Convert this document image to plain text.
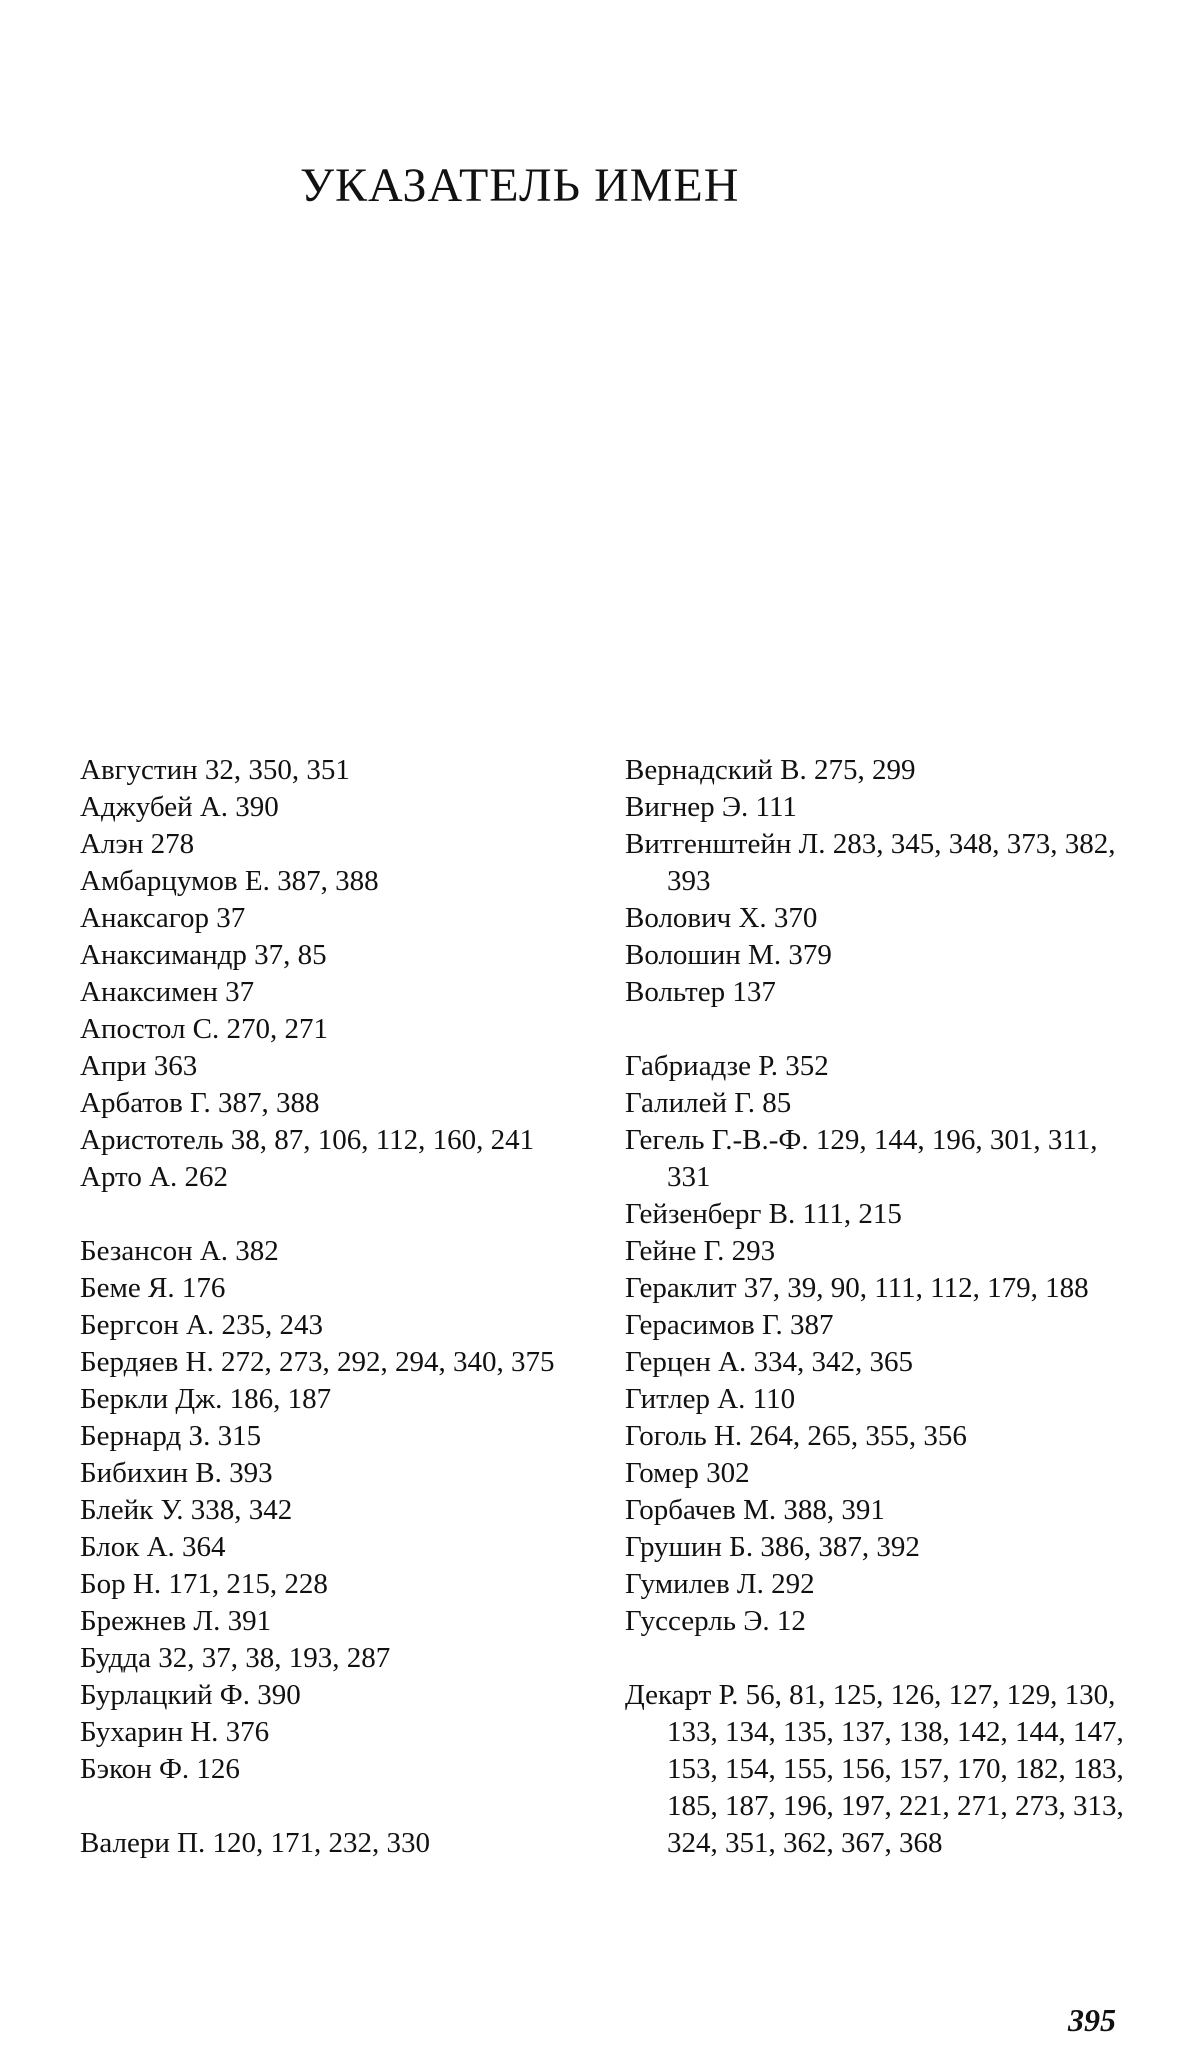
УКАЗАТЕЛЬ ИМЕН
Августин 32, 350, 351
Аджубей А. 390
Алэн 278
Амбарцумов Е. 387, 388
Анаксагор 37
Анаксимандр 37, 85
Анаксимен 37
Апостол С. 270, 271
Апри 363
Арбатов Г. 387, 388
Аристотель 38, 87, 106, 112, 160, 241
Арто А. 262
Безансон А. 382
Беме Я. 176
Бергсон А. 235, 243
Бердяев Н. 272, 273, 292, 294, 340, 375
Беркли Дж. 186, 187
Бернард З. 315
Бибихин В. 393
Блейк У. 338, 342
Блок А. 364
Бор Н. 171, 215, 228
Брежнев Л. 391
Будда 32, 37, 38, 193, 287
Бурлацкий Ф. 390
Бухарин Н. 376
Бэкон Ф. 126
Валери П. 120, 171, 232, 330
Вернадский В. 275, 299
Вигнер Э. 111
Витгенштейн Л. 283, 345, 348, 373, 382, 393
Волович Х. 370
Волошин М. 379
Вольтер 137
Габриадзе Р. 352
Галилей Г. 85
Гегель Г.-В.-Ф. 129, 144, 196, 301, 311, 331
Гейзенберг В. 111, 215
Гейне Г. 293
Гераклит 37, 39, 90, 111, 112, 179, 188
Герасимов Г. 387
Герцен А. 334, 342, 365
Гитлер А. 110
Гоголь Н. 264, 265, 355, 356
Гомер 302
Горбачев М. 388, 391
Грушин Б. 386, 387, 392
Гумилев Л. 292
Гуссерль Э. 12
Декарт Р. 56, 81, 125, 126, 127, 129, 130, 133, 134, 135, 137, 138, 142, 144, 147, 153, 154, 155, 156, 157, 170, 182, 183, 185, 187, 196, 197, 221, 271, 273, 313, 324, 351, 362, 367, 368
395
